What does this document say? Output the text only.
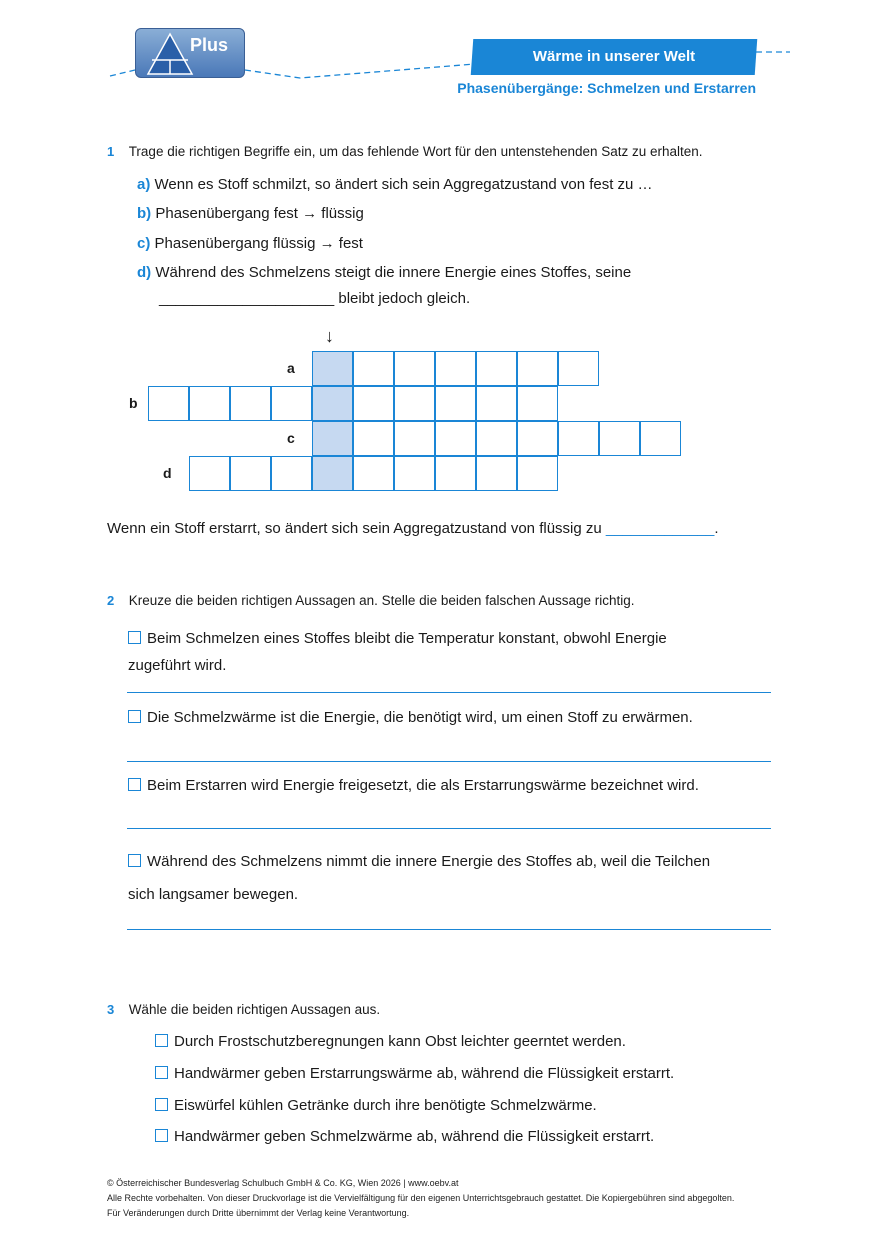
Plus
Wärme in unserer Welt
Phasenübergänge: Schmelzen und Erstarren
1 Trage die richtigen Begriffe ein, um das fehlende Wort für den untenstehenden Satz zu erhalten.
a) Wenn es Stoff schmilzt, so ändert sich sein Aggregatzustand von fest zu …
b) Phasenübergang fest → flüssig
c) Phasenübergang flüssig → fest
d) Während des Schmelzens steigt die innere Energie eines Stoffes, seine
_____________________ bleibt jedoch gleich.
↓
a
b
c
d
Wenn ein Stoff erstarrt, so ändert sich sein Aggregatzustand von flüssig zu _____________.
2 Kreuze die beiden richtigen Aussagen an. Stelle die beiden falschen Aussage richtig.
Beim Schmelzen eines Stoffes bleibt die Temperatur konstant, obwohl Energie
zugeführt wird.
Die Schmelzwärme ist die Energie, die benötigt wird, um einen Stoff zu erwärmen.
Beim Erstarren wird Energie freigesetzt, die als Erstarrungswärme bezeichnet wird.
Während des Schmelzens nimmt die innere Energie des Stoffes ab, weil die Teilchen
sich langsamer bewegen.
3 Wähle die beiden richtigen Aussagen aus.
Durch Frostschutzberegnungen kann Obst leichter geerntet werden.
Handwärmer geben Erstarrungswärme ab, während die Flüssigkeit erstarrt.
Eiswürfel kühlen Getränke durch ihre benötigte Schmelzwärme.
Handwärmer geben Schmelzwärme ab, während die Flüssigkeit erstarrt.
© Österreichischer Bundesverlag Schulbuch GmbH & Co. KG, Wien 2026 | www.oebv.at
Alle Rechte vorbehalten. Von dieser Druckvorlage ist die Vervielfältigung für den eigenen Unterrichtsgebrauch gestattet. Die Kopiergebühren sind abgegolten.
Für Veränderungen durch Dritte übernimmt der Verlag keine Verantwortung.
